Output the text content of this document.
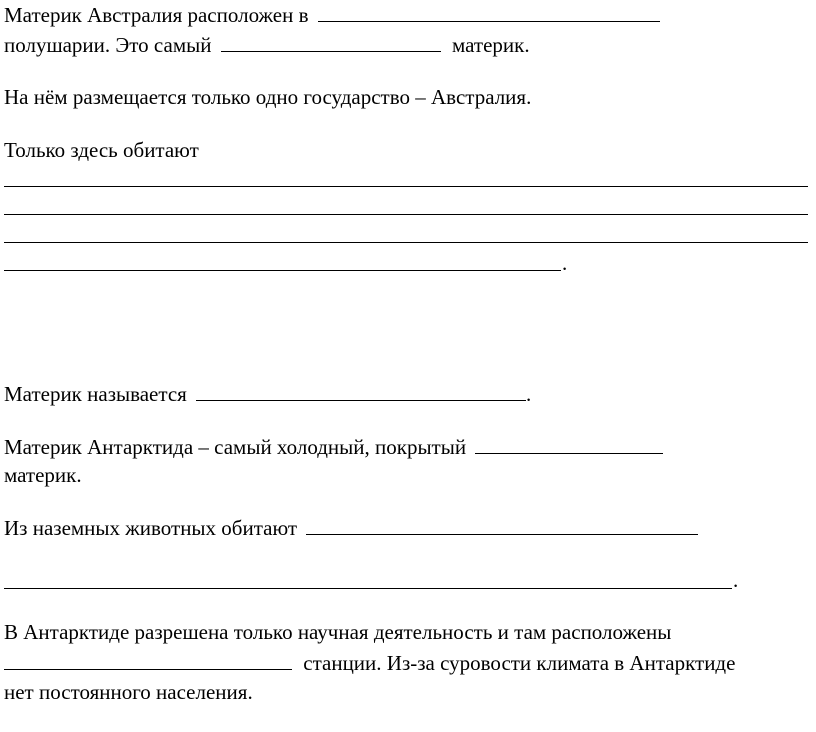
Материк Австралия расположен в
полушарии. Это самый	материк.
На нём размещается только одно государство – Австралия.
Только здесь обитают
.
Материк называется	.
Материк Антарктида – самый холодный, покрытый
материк.
Из наземных животных обитают
.
В Антарктиде разрешена только научная деятельность и там расположены
станции. Из-за суровости климата в Антарктиде
нет постоянного населения.
